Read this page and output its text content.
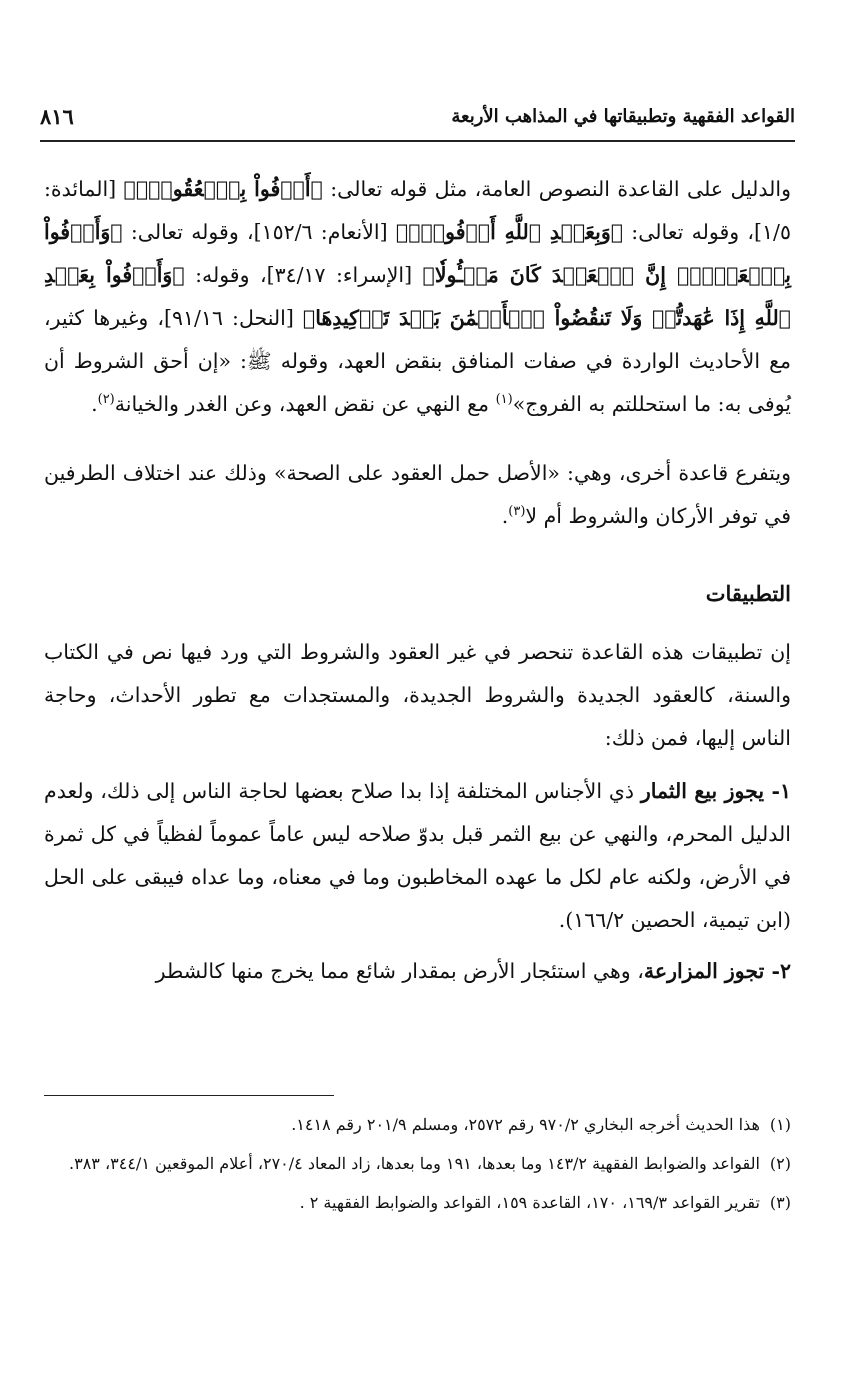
القواعد الفقهية وتطبيقاتها في المذاهب الأربعة
٨١٦

والدليل على القاعدة النصوص العامة، مثل قوله تعالى: ﴿أَوۡفُواْ بِٱلۡعُقُودِۚ﴾ [المائدة: ١/٥]، وقوله تعالى: ﴿وَبِعَهۡدِ ٱللَّهِ أَوۡفُواْۚ﴾ [الأنعام: ١٥٢/٦]، وقوله تعالى: ﴿وَأَوۡفُواْ بِٱلۡعَهۡدِۖ إِنَّ ٱلۡعَهۡدَ كَانَ مَسۡـُٔولٗا﴾ [الإسراء: ٣٤/١٧]، وقوله: ﴿وَأَوۡفُواْ بِعَهۡدِ ٱللَّهِ إِذَا عَٰهَدتُّمۡ وَلَا تَنقُضُواْ ٱلۡأَيۡمَٰنَ بَعۡدَ تَوۡكِيدِهَا﴾ [النحل: ٩١/١٦]، وغيرها كثير، مع الأحاديث الواردة في صفات المنافق بنقض العهد، وقوله ﷺ: «إن أحق الشروط أن يُوفى به: ما استحللتم به الفروج»$^{(١)}$ مع النهي عن نقض العهد، وعن الغدر والخيانة$^{(٢)}$.

ويتفرع قاعدة أخرى، وهي: «الأصل حمل العقود على الصحة» وذلك عند اختلاف الطرفين في توفر الأركان والشروط أم لا$^{(٣)}$.

التطبيقات

إن تطبيقات هذه القاعدة تنحصر في غير العقود والشروط التي ورد فيها نص في الكتاب والسنة، كالعقود الجديدة والشروط الجديدة، والمستجدات مع تطور الأحداث، وحاجة الناس إليها، فمن ذلك:

١- يجوز بيع الثمار ذي الأجناس المختلفة إذا بدا صلاح بعضها لحاجة الناس إلى ذلك، ولعدم الدليل المحرم، والنهي عن بيع الثمر قبل بدوّ صلاحه ليس عاماً عموماً لفظياً في كل ثمرة في الأرض، ولكنه عام لكل ما عهده المخاطبون وما في معناه، وما عداه فيبقى على الحل (ابن تيمية، الحصين ١٦٦/٢).

٢- تجوز المزارعة، وهي استئجار الأرض بمقدار شائع مما يخرج منها كالشطر

(١)هذا الحديث أخرجه البخاري ٩٧٠/٢ رقم ٢٥٧٢، ومسلم ٢٠١/٩ رقم ١٤١٨.

(٢)القواعد والضوابط الفقهية ١٤٣/٢ وما بعدها، ١٩١ وما بعدها، زاد المعاد ٢٧٠/٤، أعلام الموقعين ٣٤٤/١، ٣٨٣.

(٣)تقرير القواعد ١٦٩/٣، ١٧٠، القاعدة ١٥٩، القواعد والضوابط الفقهية ٢ .
